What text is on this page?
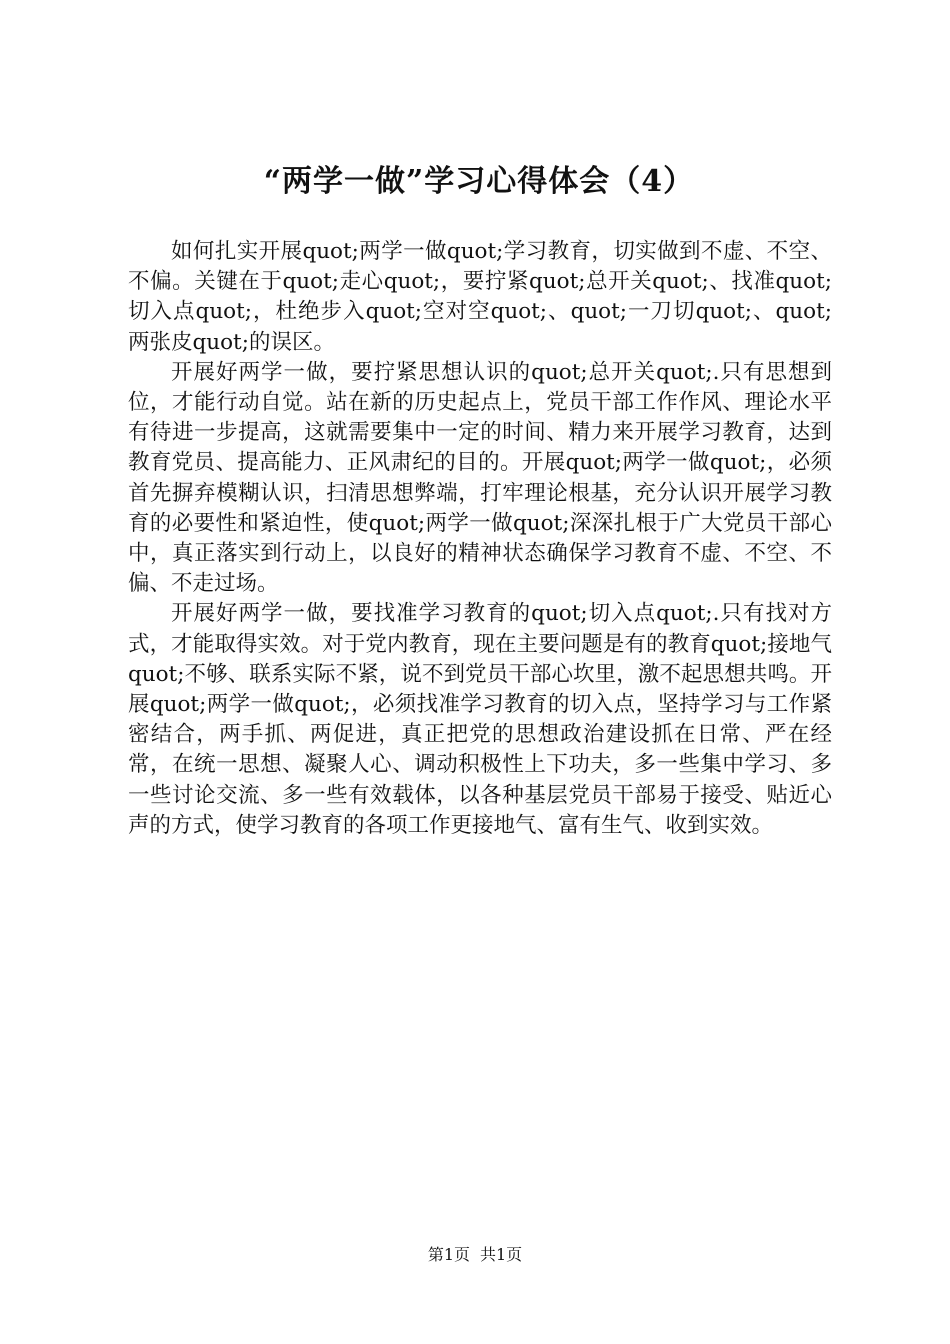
“两学一做”学习心得体会（4）

如何扎实开展quot;两学一做quot;学习教育，切实做到不虚、不空、不偏。关键在于quot;走心quot;，要拧紧quot;总开关quot;、找准quot;切入点quot;，杜绝步入quot;空对空quot;、quot;一刀切quot;、quot;两张皮quot;的误区。

开展好两学一做，要拧紧思想认识的quot;总开关quot;.只有思想到位，才能行动自觉。站在新的历史起点上，党员干部工作作风、理论水平有待进一步提高，这就需要集中一定的时间、精力来开展学习教育，达到教育党员、提高能力、正风肃纪的目的。开展quot;两学一做quot;，必须首先摒弃模糊认识，扫清思想弊端，打牢理论根基，充分认识开展学习教育的必要性和紧迫性，使quot;两学一做quot;深深扎根于广大党员干部心中，真正落实到行动上，以良好的精神状态确保学习教育不虚、不空、不偏、不走过场。

开展好两学一做，要找准学习教育的quot;切入点quot;.只有找对方式，才能取得实效。对于党内教育，现在主要问题是有的教育quot;接地气quot;不够、联系实际不紧，说不到党员干部心坎里，激不起思想共鸣。开展quot;两学一做quot;，必须找准学习教育的切入点，坚持学习与工作紧密结合，两手抓、两促进，真正把党的思想政治建设抓在日常、严在经常，在统一思想、凝聚人心、调动积极性上下功夫，多一些集中学习、多一些讨论交流、多一些有效载体，以各种基层党员干部易于接受、贴近心声的方式，使学习教育的各项工作更接地气、富有生气、收到实效。

第1页 共1页
